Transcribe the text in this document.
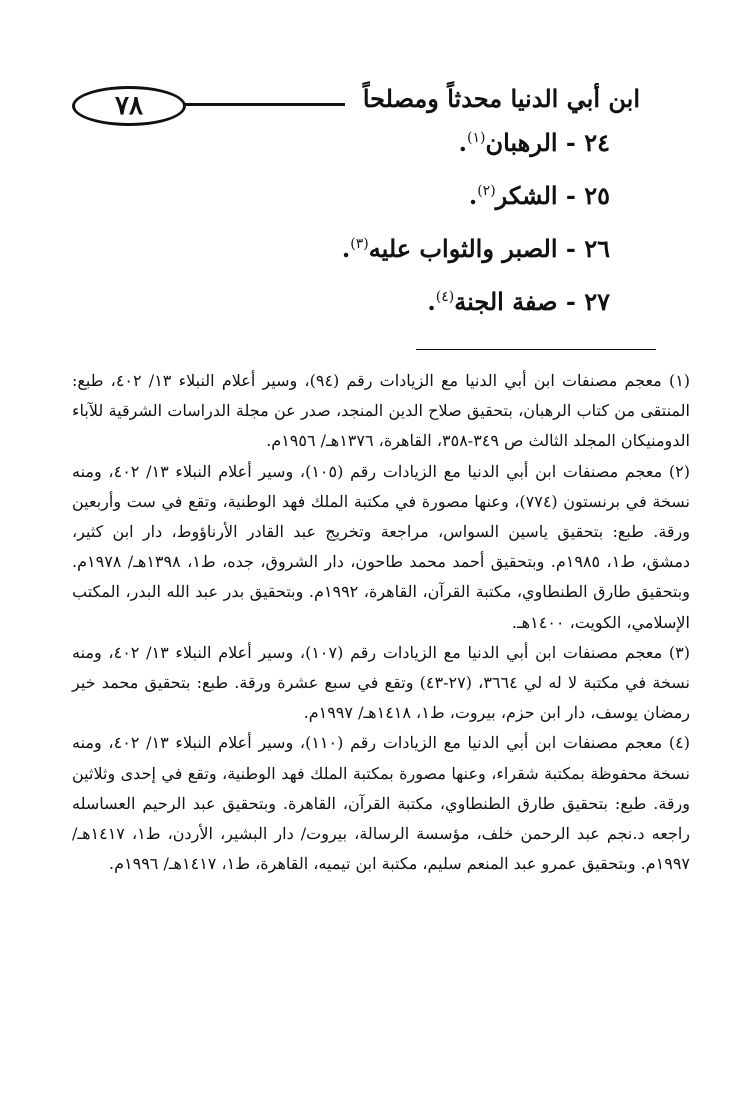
٧٨	ابن أبي الدنيا محدثاً ومصلحاً
٢٤ - الرهبان$^{(١)}$.
٢٥ - الشكر$^{(٢)}$.
٢٦ - الصبر والثواب عليه$^{(٣)}$.
٢٧ - صفة الجنة$^{(٤)}$.

(١) معجم مصنفات ابن أبي الدنيا مع الزيادات رقم (٩٤)، وسير أعلام النبلاء ١٣/ ٤٠٢، طبع: المنتقى من كتاب الرهبان، بتحقيق صلاح الدين المنجد، صدر عن مجلة الدراسات الشرقية للآباء الدومنيكان المجلد الثالث ص ٣٤٩-٣٥٨، القاهرة، ١٣٧٦هـ/ ١٩٥٦م.

(٢) معجم مصنفات ابن أبي الدنيا مع الزيادات رقم (١٠٥)، وسير أعلام النبلاء ١٣/ ٤٠٢، ومنه نسخة في برنستون (٧٧٤)، وعنها مصورة في مكتبة الملك فهد الوطنية، وتقع في ست وأربعين ورقة. طبع: بتحقيق ياسين السواس، مراجعة وتخريج عبد القادر الأرناؤوط، دار ابن كثير، دمشق، ط١، ١٩٨٥م. وبتحقيق أحمد محمد طاحون، دار الشروق، جده، ط١، ١٣٩٨هـ/ ١٩٧٨م. وبتحقيق طارق الطنطاوي، مكتبة القرآن، القاهرة، ١٩٩٢م. وبتحقيق بدر عبد الله البدر، المكتب الإسلامي، الكويت، ١٤٠٠هـ.

(٣) معجم مصنفات ابن أبي الدنيا مع الزيادات رقم (١٠٧)، وسير أعلام النبلاء ١٣/ ٤٠٢، ومنه نسخة في مكتبة لا له لي ٣٦٦٤، (٢٧-٤٣) وتقع في سبع عشرة ورقة. طبع: بتحقيق محمد خير رمضان يوسف، دار ابن حزم، بيروت، ط١، ١٤١٨هـ/ ١٩٩٧م.

(٤) معجم مصنفات ابن أبي الدنيا مع الزيادات رقم (١١٠)، وسير أعلام النبلاء ١٣/ ٤٠٢، ومنه نسخة محفوظة بمكتبة شقراء، وعنها مصورة بمكتبة الملك فهد الوطنية، وتقع في إحدى وثلاثين ورقة. طبع: بتحقيق طارق الطنطاوي، مكتبة القرآن، القاهرة. وبتحقيق عبد الرحيم العساسله راجعه د.نجم عبد الرحمن خلف، مؤسسة الرسالة، بيروت/ دار البشير، الأردن، ط١، ١٤١٧هـ/ ١٩٩٧م. وبتحقيق عمرو عبد المنعم سليم، مكتبة ابن تيميه، القاهرة، ط١، ١٤١٧هـ/ ١٩٩٦م.
